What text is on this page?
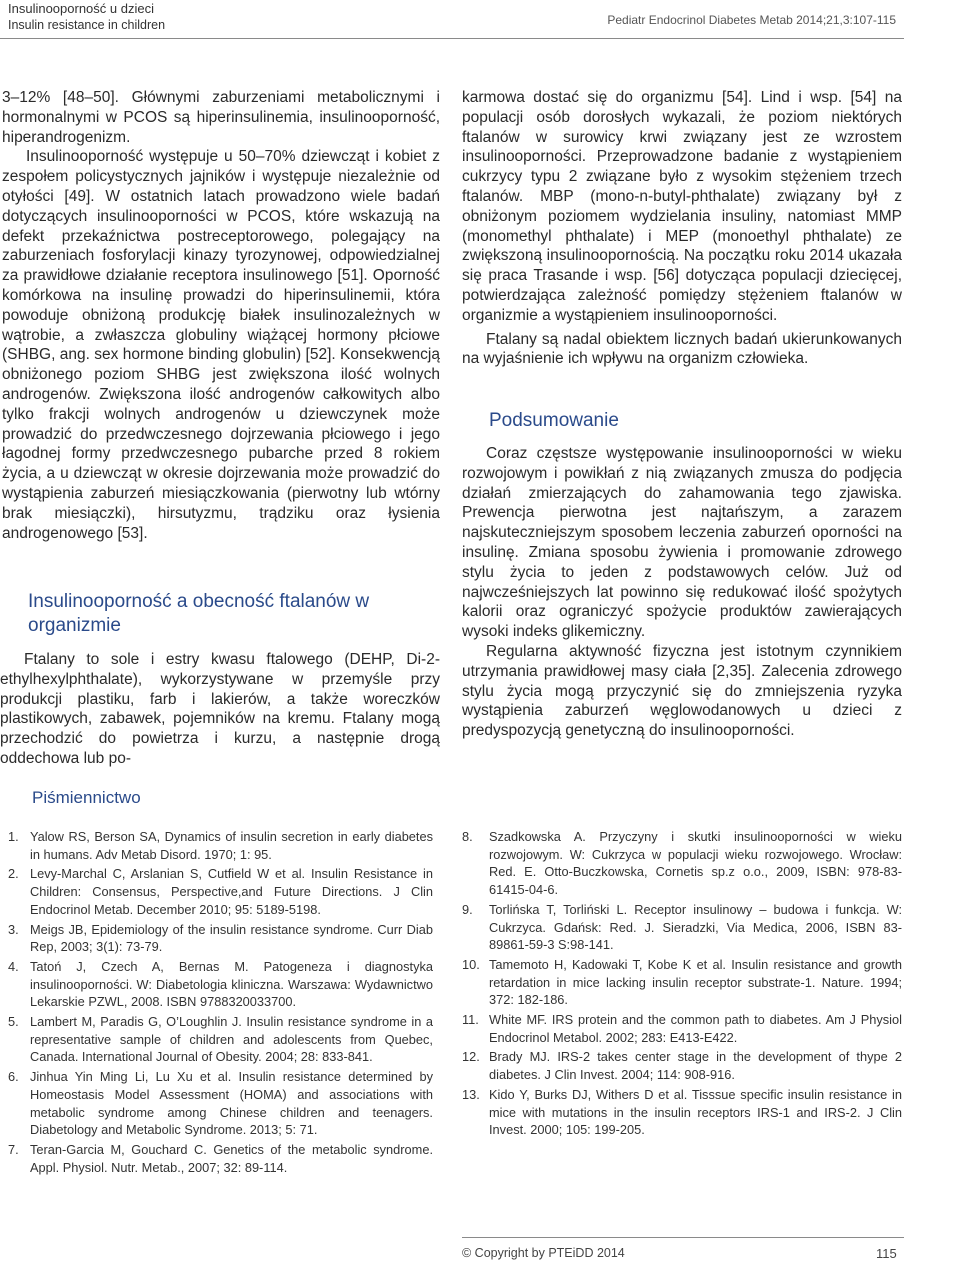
Insulinooporność u dzieci
Insulin resistance in children	Pediatr Endocrinol Diabetes Metab 2014;21,3:107-115

3–12% [48–50]. Głównymi zaburzeniami metabolicznymi i hormonalnymi w PCOS są hiperinsulinemia, insulinooporność, hiperandrogenizm.

Insulinooporność występuje u 50–70% dziewcząt i kobiet z zespołem policystycznych jajników i występuje niezależnie od otyłości [49]. W ostatnich latach prowadzono wiele badań dotyczących insulinooporności w PCOS, które wskazują na defekt przekaźnictwa postreceptorowego, polegający na zaburzeniach fosforylacji kinazy tyrozynowej, odpowiedzialnej za prawidłowe działanie receptora insulinowego [51]. Oporność komórkowa na insulinę prowadzi do hiperinsulinemii, która powoduje obniżoną produkcję białek insulinozależnych w wątrobie, a zwłaszcza globuliny wiążącej hormony płciowe (SHBG, ang. sex hormone binding globulin) [52]. Konsekwencją obniżonego poziom SHBG jest zwiększona ilość wolnych androgenów. Zwiększona ilość androgenów całkowitych albo tylko frakcji wolnych androgenów u dziewczynek może prowadzić do przedwczesnego dojrzewania płciowego i jego łagodnej formy przedwczesnego pubarche przed 8 rokiem życia, a u dziewcząt w okresie dojrzewania może prowadzić do wystąpienia zaburzeń miesiączkowania (pierwotny lub wtórny brak miesiączki), hirsutyzmu, trądziku oraz łysienia androgenowego [53].

Insulinooporność a obecność ftalanów w organizmie

Ftalany to sole i estry kwasu ftalowego (DEHP, Di-2-ethylhexylphthalate), wykorzystywane w przemyśle przy produkcji plastiku, farb i lakierów, a także woreczków plastikowych, zabawek, pojemników na kremu. Ftalany mogą przechodzić do powietrza i kurzu, a następnie drogą oddechowa lub po-

karmowa dostać się do organizmu [54]. Lind i wsp. [54] na populacji osób dorosłych wykazali, że poziom niektórych ftalanów w surowicy krwi związany jest ze wzrostem insulinooporności. Przeprowadzone badanie z wystąpieniem cukrzycy typu 2 związane było z wysokim stężeniem trzech ftalanów. MBP (mono-n-butyl-phthalate) związany był z obniżonym poziomem wydzielania insuliny, natomiast MMP (monomethyl phthalate) i MEP (monoethyl phthalate) ze zwiększoną insulinoopornością. Na początku roku 2014 ukazała się praca Trasande i wsp. [56] dotycząca populacji dziecięcej, potwierdzająca zależność pomiędzy stężeniem ftalanów w organizmie a wystąpieniem insulinooporności.

Ftalany są nadal obiektem licznych badań ukierunkowanych na wyjaśnienie ich wpływu na organizm człowieka.

Podsumowanie

Coraz częstsze występowanie insulinooporności w wieku rozwojowym i powikłań z nią związanych zmusza do podjęcia działań zmierzających do zahamowania tego zjawiska. Prewencja pierwotna jest najtańszym, a zarazem najskuteczniejszym sposobem leczenia zaburzeń oporności na insulinę. Zmiana sposobu żywienia i promowanie zdrowego stylu życia to jeden z podstawowych celów. Już od najwcześniejszych lat powinno się redukować ilość spożytych kalorii oraz ograniczyć spożycie produktów zawierających wysoki indeks glikemiczny.

Regularna aktywność fizyczna jest istotnym czynnikiem utrzymania prawidłowej masy ciała [2,35]. Zalecenia zdrowego stylu życia mogą przyczynić się do zmniejszenia ryzyka wystąpienia zaburzeń węglowodanowych u dzieci z predyspozycją genetyczną do insulinooporności.

Piśmiennictwo
1. Yalow RS, Berson SA, Dynamics of insulin secretion in early diabetes in humans. Adv Metab Disord. 1970; 1: 95.
2. Levy-Marchal C, Arslanian S, Cutfield W et al. Insulin Resistance in Children: Consensus, Perspective,and Future Directions. J Clin Endocrinol Metab. December 2010; 95: 5189-5198.
3. Meigs JB, Epidemiology of the insulin resistance syndrome. Curr Diab Rep, 2003; 3(1): 73-79.
4. Tatoń J, Czech A, Bernas M. Patogeneza i diagnostyka insulinooporności. W: Diabetologia kliniczna. Warszawa: Wydawnictwo Lekarskie PZWL, 2008. ISBN 9788320033700.
5. Lambert M, Paradis G, O’Loughlin J. Insulin resistance syndrome in a representative sample of children and adolescents from Quebec, Canada. International Journal of Obesity. 2004; 28: 833-841.
6. Jinhua Yin Ming Li, Lu Xu et al. Insulin resistance determined by Homeostasis Model Assessment (HOMA) and associations with metabolic syndrome among Chinese children and teenagers. Diabetology and Metabolic Syndrome. 2013; 5: 71.
7. Teran-Garcia M, Gouchard C. Genetics of the metabolic syndrome. Appl. Physiol. Nutr. Metab., 2007; 32: 89-114.
8. Szadkowska A. Przyczyny i skutki insulinooporności w wieku rozwojowym. W: Cukrzyca w populacji wieku rozwojowego. Wrocław: Red. E. Otto-Buczkowska, Cornetis sp.z o.o., 2009, ISBN: 978-83-61415-04-6.
9. Torlińska T, Torliński L. Receptor insulinowy – budowa i funkcja. W: Cukrzyca. Gdańsk: Red. J. Sieradzki, Via Medica, 2006, ISBN 83-89861-59-3 S:98-141.
10. Tamemoto H, Kadowaki T, Kobe K et al. Insulin resistance and growth retardation in mice lacking insulin receptor substrate-1. Nature. 1994; 372: 182-186.
11. White MF. IRS protein and the common path to diabetes. Am J Physiol Endocrinol Metabol. 2002; 283: E413-E422.
12. Brady MJ. IRS-2 takes center stage in the development of thype 2 diabetes. J Clin Invest. 2004; 114: 908-916.
13. Kido Y, Burks DJ, Withers D et al. Tisssue specific insulin resistance in mice with mutations in the insulin receptors IRS-1 and IRS-2. J Clin Invest. 2000; 105: 199-205.
© Copyright by PTEiDD 2014	115
